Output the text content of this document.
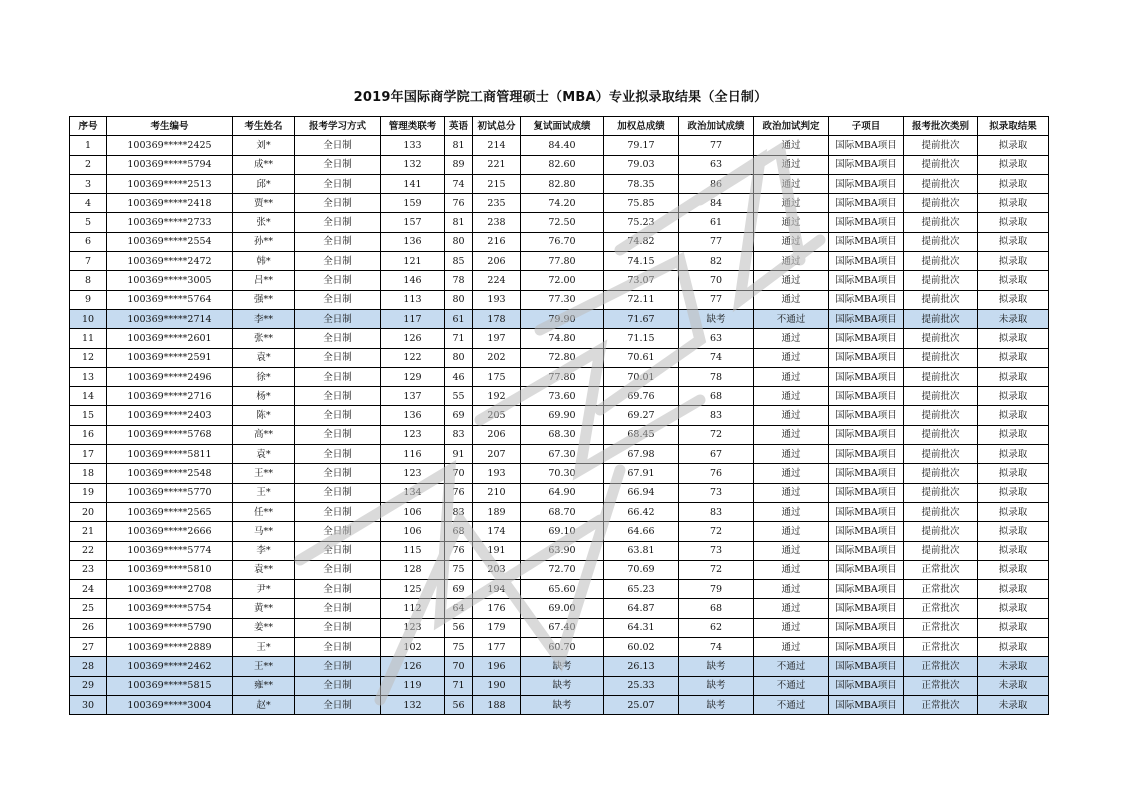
2019年国际商学院工商管理硕士（MBA）专业拟录取结果（全日制）
序号	考生编号	考生姓名	报考学习方式	管理类联考	英语	初试总分	复试面试成绩	加权总成绩	政治加试成绩	政治加试判定	子项目	报考批次类别	拟录取结果
1	100369*****2425	刘*	全日制	133	81	214	84.40	79.17	77	通过	国际MBA项目	提前批次	拟录取
2	100369*****5794	成**	全日制	132	89	221	82.60	79.03	63	通过	国际MBA项目	提前批次	拟录取
3	100369*****2513	邱*	全日制	141	74	215	82.80	78.35	86	通过	国际MBA项目	提前批次	拟录取
4	100369*****2418	贾**	全日制	159	76	235	74.20	75.85	84	通过	国际MBA项目	提前批次	拟录取
5	100369*****2733	张*	全日制	157	81	238	72.50	75.23	61	通过	国际MBA项目	提前批次	拟录取
6	100369*****2554	孙**	全日制	136	80	216	76.70	74.82	77	通过	国际MBA项目	提前批次	拟录取
7	100369*****2472	韩*	全日制	121	85	206	77.80	74.15	82	通过	国际MBA项目	提前批次	拟录取
8	100369*****3005	吕**	全日制	146	78	224	72.00	73.07	70	通过	国际MBA项目	提前批次	拟录取
9	100369*****5764	强**	全日制	113	80	193	77.30	72.11	77	通过	国际MBA项目	提前批次	拟录取
10	100369*****2714	李**	全日制	117	61	178	79.90	71.67	缺考	不通过	国际MBA项目	提前批次	未录取
11	100369*****2601	张**	全日制	126	71	197	74.80	71.15	63	通过	国际MBA项目	提前批次	拟录取
12	100369*****2591	袁*	全日制	122	80	202	72.80	70.61	74	通过	国际MBA项目	提前批次	拟录取
13	100369*****2496	徐*	全日制	129	46	175	77.80	70.01	78	通过	国际MBA项目	提前批次	拟录取
14	100369*****2716	杨*	全日制	137	55	192	73.60	69.76	68	通过	国际MBA项目	提前批次	拟录取
15	100369*****2403	陈*	全日制	136	69	205	69.90	69.27	83	通过	国际MBA项目	提前批次	拟录取
16	100369*****5768	高**	全日制	123	83	206	68.30	68.45	72	通过	国际MBA项目	提前批次	拟录取
17	100369*****5811	袁*	全日制	116	91	207	67.30	67.98	67	通过	国际MBA项目	提前批次	拟录取
18	100369*****2548	王**	全日制	123	70	193	70.30	67.91	76	通过	国际MBA项目	提前批次	拟录取
19	100369*****5770	王*	全日制	134	76	210	64.90	66.94	73	通过	国际MBA项目	提前批次	拟录取
20	100369*****2565	任**	全日制	106	83	189	68.70	66.42	83	通过	国际MBA项目	提前批次	拟录取
21	100369*****2666	马**	全日制	106	68	174	69.10	64.66	72	通过	国际MBA项目	提前批次	拟录取
22	100369*****5774	李*	全日制	115	76	191	63.90	63.81	73	通过	国际MBA项目	提前批次	拟录取
23	100369*****5810	袁**	全日制	128	75	203	72.70	70.69	72	通过	国际MBA项目	正常批次	拟录取
24	100369*****2708	尹*	全日制	125	69	194	65.60	65.23	79	通过	国际MBA项目	正常批次	拟录取
25	100369*****5754	黄**	全日制	112	64	176	69.00	64.87	68	通过	国际MBA项目	正常批次	拟录取
26	100369*****5790	姜**	全日制	123	56	179	67.40	64.31	62	通过	国际MBA项目	正常批次	拟录取
27	100369*****2889	王*	全日制	102	75	177	60.70	60.02	74	通过	国际MBA项目	正常批次	拟录取
28	100369*****2462	王**	全日制	126	70	196	缺考	26.13	缺考	不通过	国际MBA项目	正常批次	未录取
29	100369*****5815	雍**	全日制	119	71	190	缺考	25.33	缺考	不通过	国际MBA项目	正常批次	未录取
30	100369*****3004	赵*	全日制	132	56	188	缺考	25.07	缺考	不通过	国际MBA项目	正常批次	未录取
